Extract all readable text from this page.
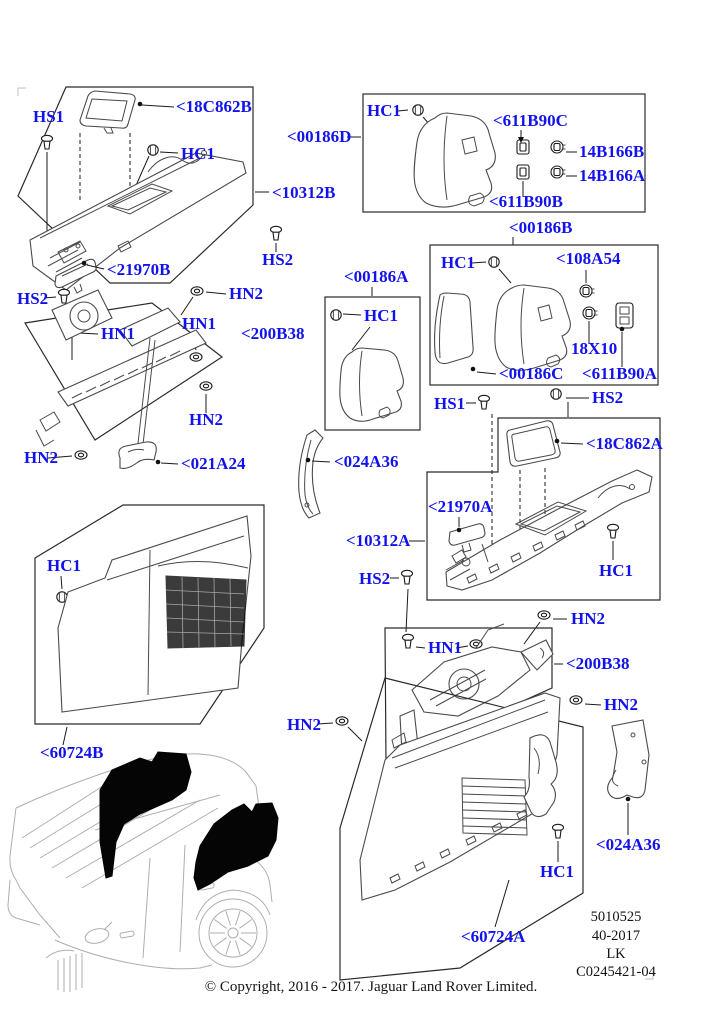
HS1
<18C862B
HC1
<00186D
<10312B
HS2
<21970B
HS2	HN2
HN1
HN1
<200B38
HN2
HN2	<021A24
HC1
<611B90C
14B166B
14B166A
<611B90B
<00186B
HC1	<108A54
18X10
<611B90A
<00186C
<00186A
HC1
HS1	HS2
<18C862A
<024A36
<21970A
<10312A
HS2	HC1
HN2
HN1
<200B38
HN2
HN2
<60724B
HC1
<60724A
HC1
<024A36
5010525
40-2017
LK
C0245421-04
© Copyright, 2016 - 2017. Jaguar Land Rover Limited.
